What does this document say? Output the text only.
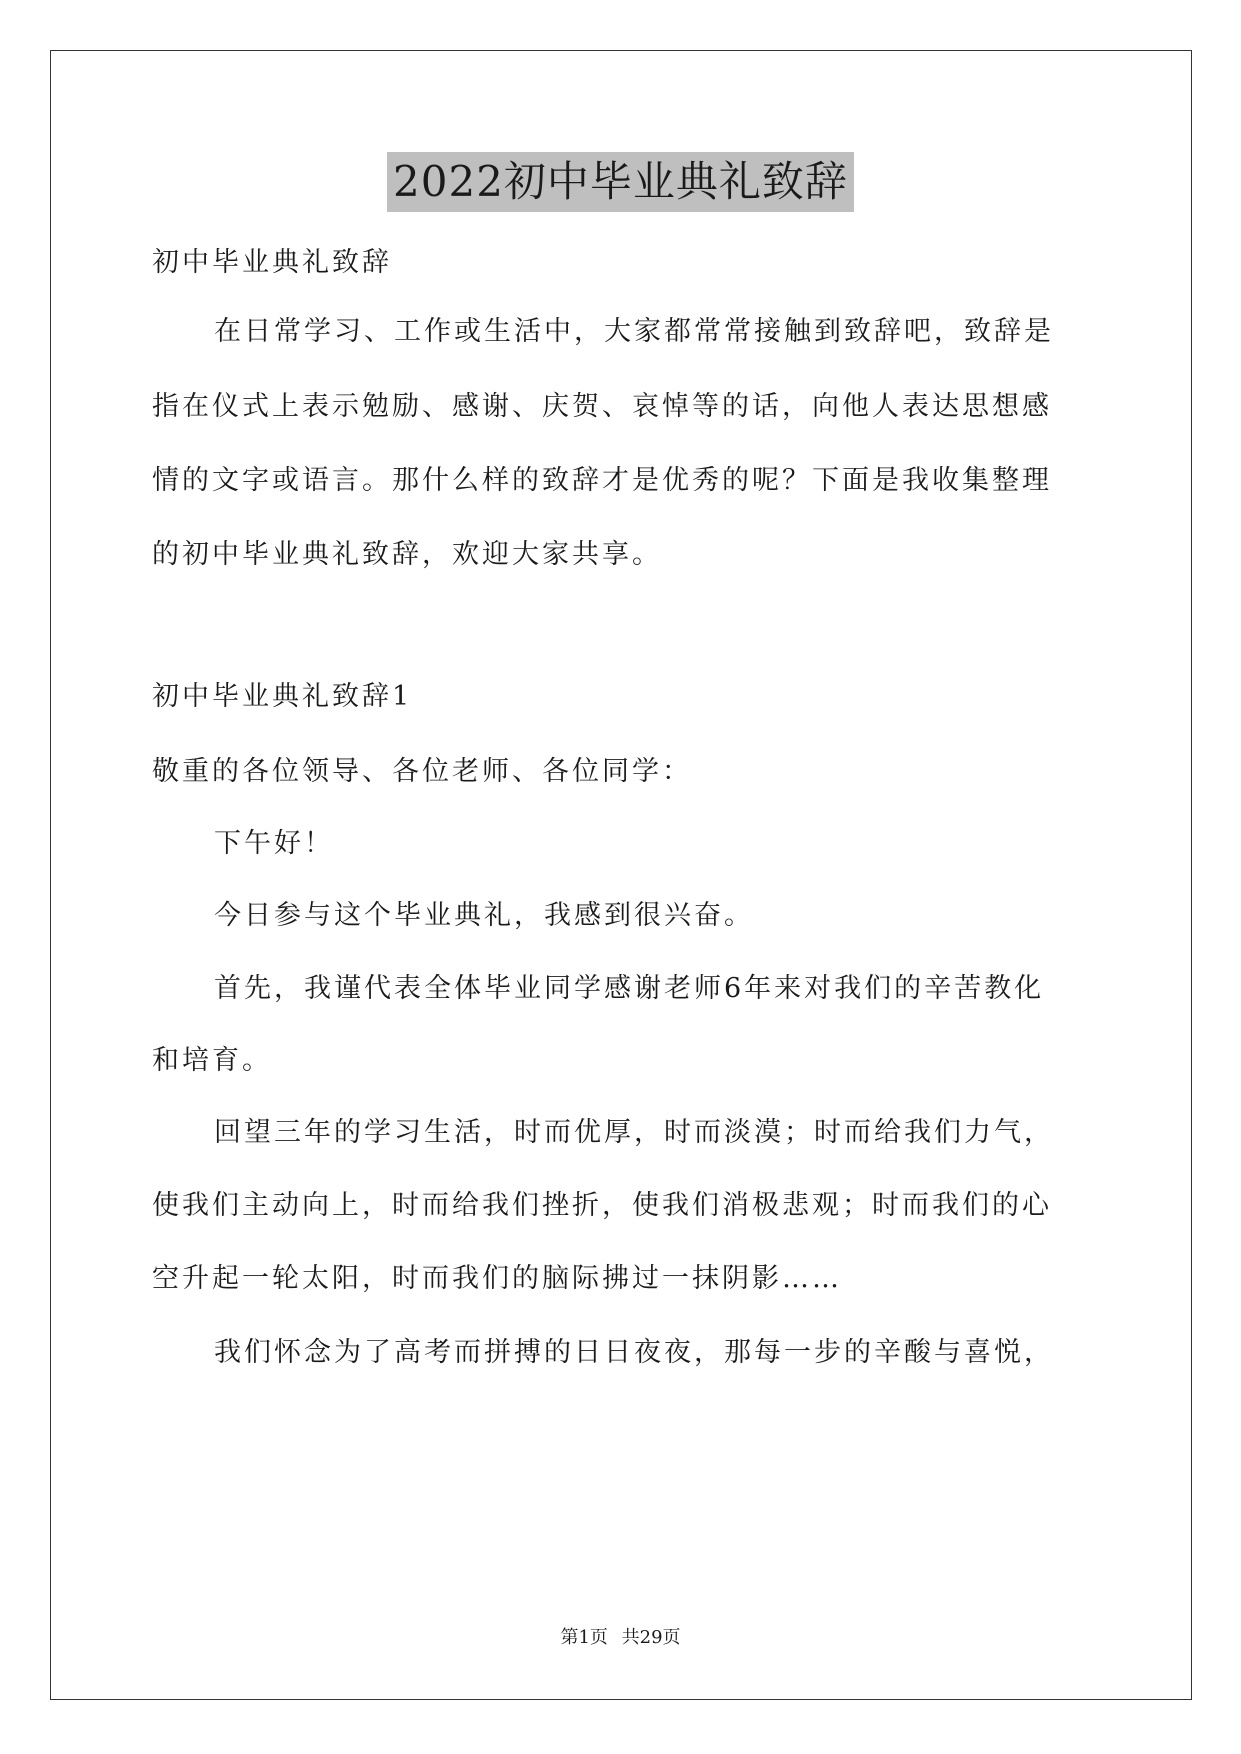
2022初中毕业典礼致辞
初中毕业典礼致辞
在日常学习、工作或生活中，大家都常常接触到致辞吧，致辞是
指在仪式上表示勉励、感谢、庆贺、哀悼等的话，向他人表达思想感
情的文字或语言。那什么样的致辞才是优秀的呢？下面是我收集整理
的初中毕业典礼致辞，欢迎大家共享。
初中毕业典礼致辞1
敬重的各位领导、各位老师、各位同学：
下午好！
今日参与这个毕业典礼，我感到很兴奋。
首先，我谨代表全体毕业同学感谢老师6年来对我们的辛苦教化
和培育。
回望三年的学习生活，时而优厚，时而淡漠；时而给我们力气，
使我们主动向上，时而给我们挫折，使我们消极悲观；时而我们的心
空升起一轮太阳，时而我们的脑际拂过一抹阴影……
我们怀念为了高考而拼搏的日日夜夜，那每一步的辛酸与喜悦，
第1页 共29页
